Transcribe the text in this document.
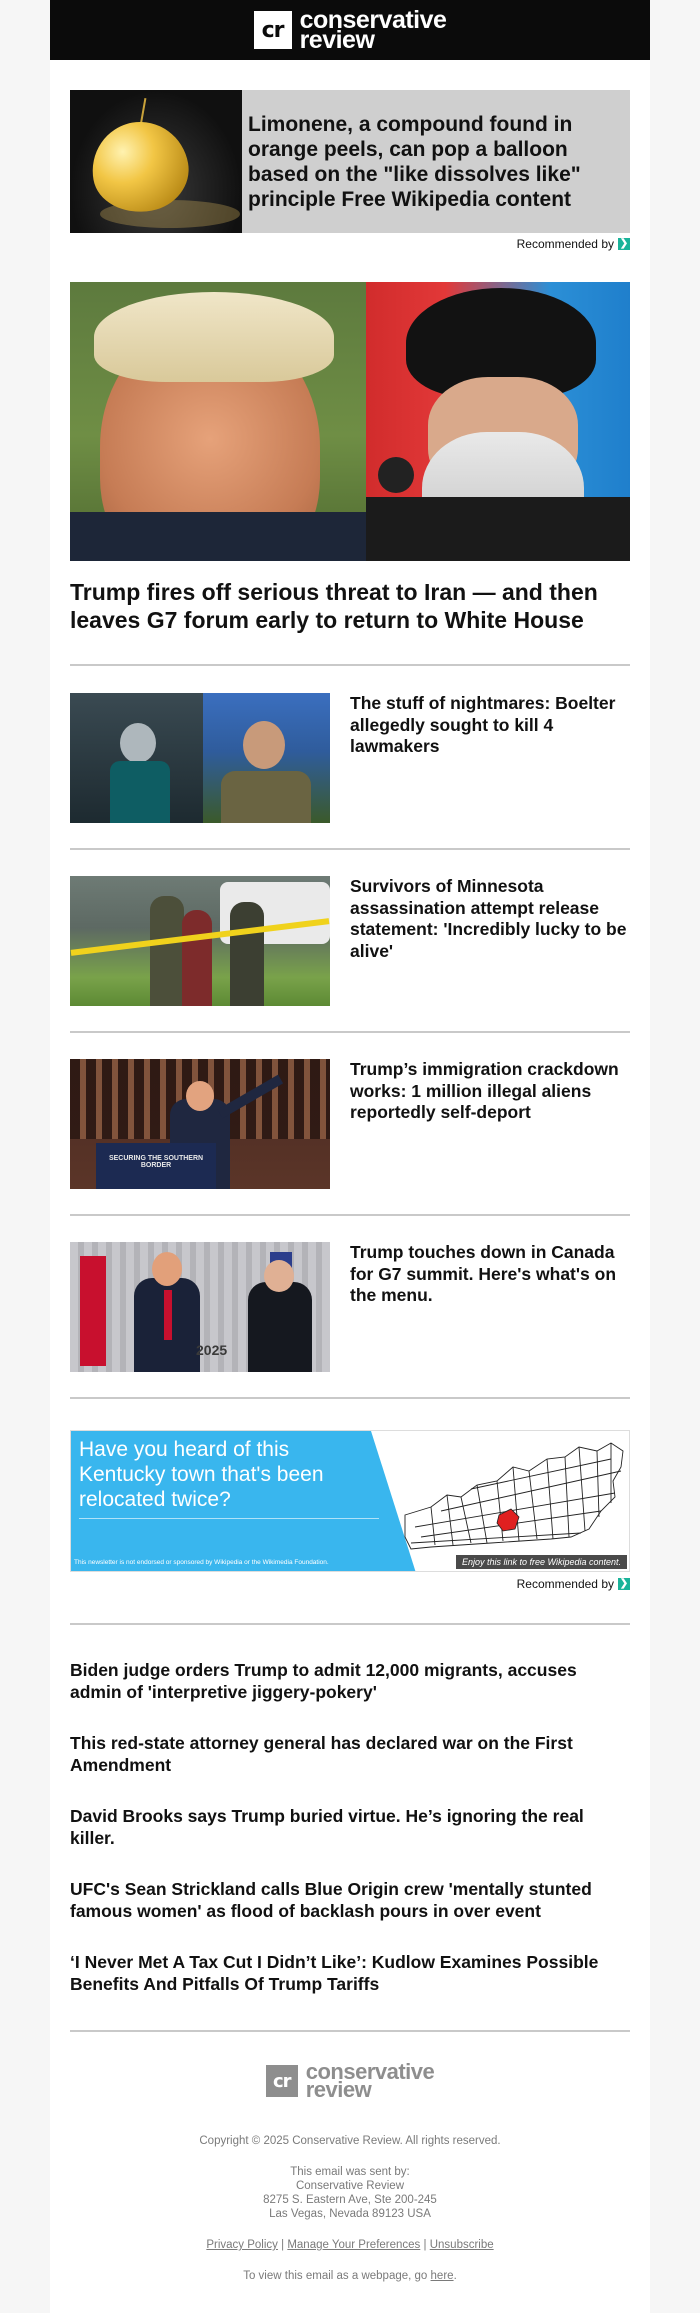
cr conservative
review
Limonene, a compound found in orange peels, can pop a balloon based on the "like dissolves like" principle Free Wikipedia content
Recommended by ❯
Trump fires off serious threat to Iran — and then leaves G7 forum early to return to White House
The stuff of nightmares: Boelter allegedly sought to kill 4 lawmakers
Survivors of Minnesota assassination attempt release statement: 'Incredibly lucky to be alive'
SECURING THE SOUTHERN BORDER
Trump’s immigration crackdown works: 1 million illegal aliens reportedly self-deport
2025
Trump touches down in Canada for G7 summit. Here's what's on the menu.
Have you heard of this Kentucky town that's been relocated twice?
This newsletter is not endorsed or sponsored by Wikipedia or the Wikimedia Foundation.	Enjoy this link to free Wikipedia content.
Recommended by ❯
Biden judge orders Trump to admit 12,000 migrants, accuses admin of 'interpretive jiggery-pokery'
This red-state attorney general has declared war on the First Amendment
David Brooks says Trump buried virtue. He’s ignoring the real killer.
UFC's Sean Strickland calls Blue Origin crew 'mentally stunted famous women' as flood of backlash pours in over event
‘I Never Met A Tax Cut I Didn’t Like’: Kudlow Examines Possible Benefits And Pitfalls Of Trump Tariffs
cr conservative
review
Copyright © 2025 Conservative Review. All rights reserved.
This email was sent by:
Conservative Review
8275 S. Eastern Ave, Ste 200-245
Las Vegas, Nevada 89123 USA
Privacy Policy | Manage Your Preferences | Unsubscribe
To view this email as a webpage, go here.
